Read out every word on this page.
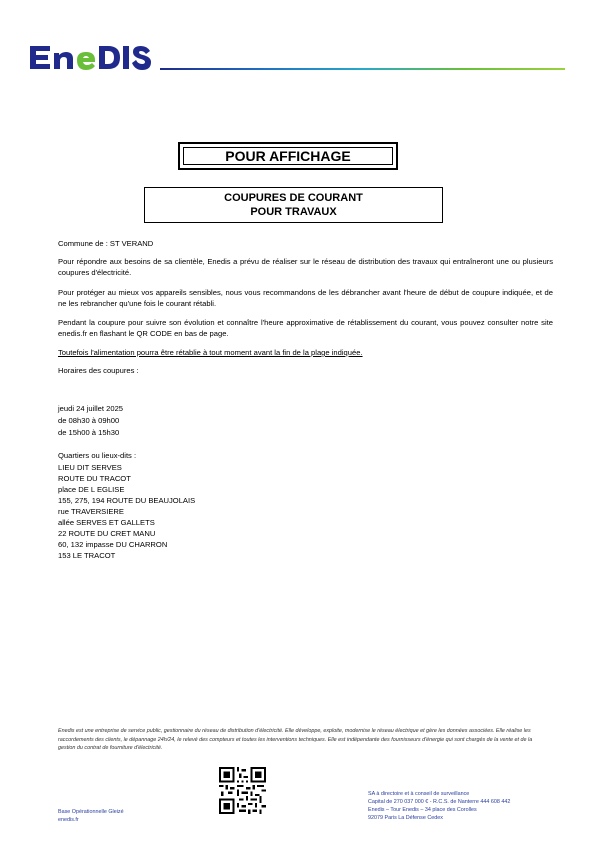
POUR AFFICHAGE
COUPURES DE COURANT
POUR TRAVAUX
Commune de : ST VERAND
Pour répondre aux besoins de sa clientèle, Enedis a prévu de réaliser sur le réseau de distribution des travaux qui entraîneront une ou plusieurs coupures d'électricité.
Pour protéger au mieux vos appareils sensibles, nous vous recommandons de les débrancher avant l'heure de début de coupure indiquée, et de ne les rebrancher qu'une fois le courant rétabli.
Pendant la coupure pour suivre son évolution et connaître l'heure approximative de rétablissement du courant, vous pouvez consulter notre site enedis.fr en flashant le QR CODE en bas de page.
Toutefois l'alimentation pourra être rétablie à tout moment avant la fin de la plage indiquée.
Horaires des coupures :
jeudi 24 juillet 2025
de 08h30 à 09h00
de 15h00 à 15h30
Quartiers ou lieux-dits :
LIEU DIT SERVES
ROUTE DU TRACOT
place DE L EGLISE
155, 275, 194 ROUTE DU BEAUJOLAIS
rue TRAVERSIERE
allée SERVES ET GALLETS
22 ROUTE DU CRET MANU
60, 132 impasse DU CHARRON
153 LE TRACOT
Enedis est une entreprise de service public, gestionnaire du réseau de distribution d'électricité. Elle développe, exploite, modernise le réseau électrique et gère les données associées. Elle réalise les raccordements des clients, le dépannage 24h/24, le relevé des compteurs et toutes les interventions techniques. Elle est indépendante des fournisseurs d'énergie qui sont chargés de la vente et de la gestion du contrat de fourniture d'électricité.
Base Opérationnelle Gleizé
enedis.fr
SA à directoire et à conseil de surveillance
Capital de 270 037 000 € - R.C.S. de Nanterre 444 608 442
Enedis – Tour Enedis – 34 place des Corolles
92079 Paris La Défense Cedex
